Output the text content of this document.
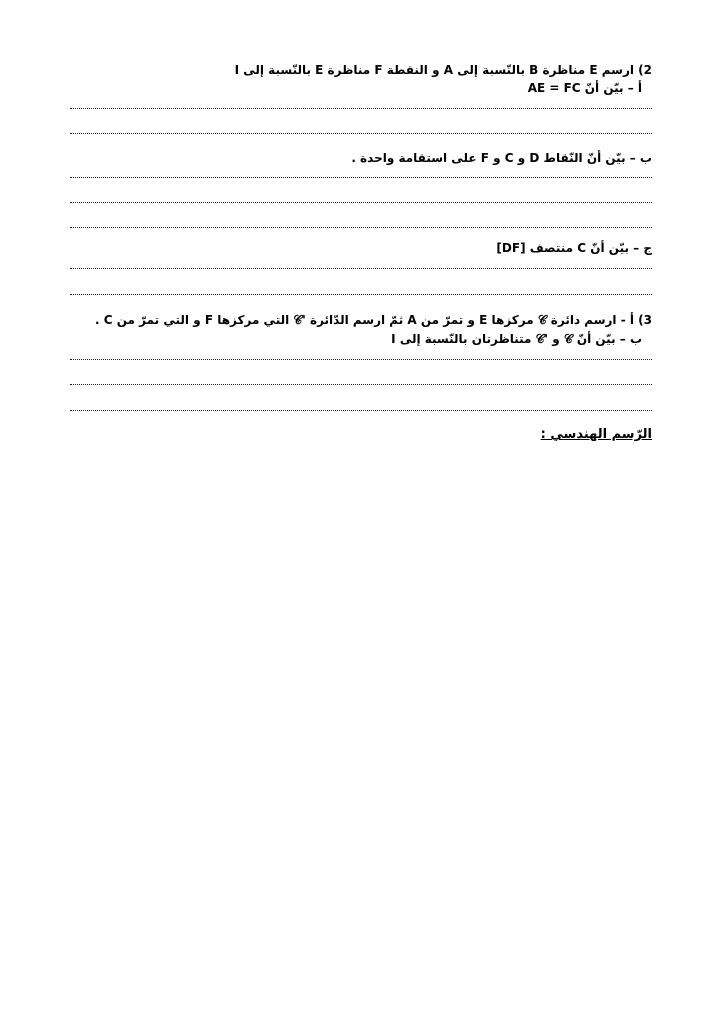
2) ارسم E مناظرة B بالنّسبة إلى A و النقطة F مناظرة E بالنّسبة إلى I
أ – بيّن أنّ AE = FC
ب – بيّن أنّ النّقاط D و C و F على استقامة واحدة .
ج – بيّن أنّ C منتصف [DF]
3) أ - ارسم دائرة 𝒞 مركزها E و تمرّ من A ثمّ ارسم الدّائرة '𝒞 التي مركزها F و التي تمرّ من C .
ب – بيّن أنّ 𝒞 و '𝒞 متناظرتان بالنّسبة إلى I
الرّسم الهندسي :
